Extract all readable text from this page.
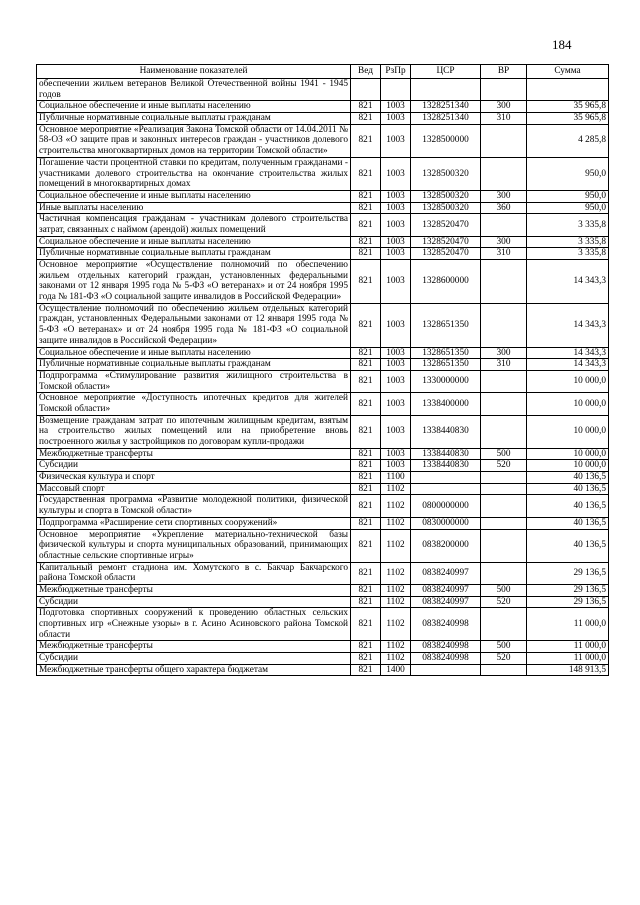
184
Наименование показателей	Вед	РзПр	ЦСР	ВР	Сумма
обеспечении жильем ветеранов Великой Отечественной войны 1941 - 1945 годов					
Социальное обеспечение и иные выплаты населению	821	1003	1328251340	300	35 965,8
Публичные нормативные социальные выплаты гражданам	821	1003	1328251340	310	35 965,8
Основное мероприятие «Реализация Закона Томской области от 14.04.2011 № 58-ОЗ «О защите прав и законных интересов граждан - участников долевого строительства многоквартирных домов на территории Томской области»	821	1003	1328500000		4 285,8
Погашение части процентной ставки по кредитам, полученным гражданами - участниками долевого строительства на окончание строительства жилых помещений в многоквартирных домах	821	1003	1328500320		950,0
Социальное обеспечение и иные выплаты населению	821	1003	1328500320	300	950,0
Иные выплаты населению	821	1003	1328500320	360	950,0
Частичная компенсация гражданам - участникам долевого строительства затрат, связанных с наймом (арендой) жилых помещений	821	1003	1328520470		3 335,8
Социальное обеспечение и иные выплаты населению	821	1003	1328520470	300	3 335,8
Публичные нормативные социальные выплаты гражданам	821	1003	1328520470	310	3 335,8
Основное мероприятие «Осуществление полномочий по обеспечению жильем отдельных категорий граждан, установленных федеральными законами от 12 января 1995 года № 5-ФЗ «О ветеранах» и от 24 ноября 1995 года № 181-ФЗ «О социальной защите инвалидов в Российской Федерации»	821	1003	1328600000		14 343,3
Осуществление полномочий по обеспечению жильем отдельных категорий граждан, установленных Федеральными законами от 12 января 1995 года № 5-ФЗ «О ветеранах» и от 24 ноября 1995 года № 181-ФЗ «О социальной защите инвалидов в Российской Федерации»	821	1003	1328651350		14 343,3
Социальное обеспечение и иные выплаты населению	821	1003	1328651350	300	14 343,3
Публичные нормативные социальные выплаты гражданам	821	1003	1328651350	310	14 343,3
Подпрограмма «Стимулирование развития жилищного строительства в Томской области»	821	1003	1330000000		10 000,0
Основное мероприятие «Доступность ипотечных кредитов для жителей Томской области»	821	1003	1338400000		10 000,0
Возмещение гражданам затрат по ипотечным жилищным кредитам, взятым на строительство жилых помещений или на приобретение вновь построенного жилья у застройщиков по договорам купли-продажи	821	1003	1338440830		10 000,0
Межбюджетные трансферты	821	1003	1338440830	500	10 000,0
Субсидии	821	1003	1338440830	520	10 000,0
Физическая культура и спорт	821	1100			40 136,5
Массовый спорт	821	1102			40 136,5
Государственная программа «Развитие молодежной политики, физической культуры и спорта в Томской области»	821	1102	0800000000		40 136,5
Подпрограмма «Расширение сети спортивных сооружений»	821	1102	0830000000		40 136,5
Основное мероприятие «Укрепление материально-технической базы физической культуры и спорта муниципальных образований, принимающих областные сельские спортивные игры»	821	1102	0838200000		40 136,5
Капитальный ремонт стадиона им. Хомутского в с. Бакчар Бакчарского района Томской области	821	1102	0838240997		29 136,5
Межбюджетные трансферты	821	1102	0838240997	500	29 136,5
Субсидии	821	1102	0838240997	520	29 136,5
Подготовка спортивных сооружений к проведению областных сельских спортивных игр «Снежные узоры» в г. Асино Асиновского района Томской области	821	1102	0838240998		11 000,0
Межбюджетные трансферты	821	1102	0838240998	500	11 000,0
Субсидии	821	1102	0838240998	520	11 000,0
Межбюджетные трансферты общего характера бюджетам	821	1400			148 913,5
